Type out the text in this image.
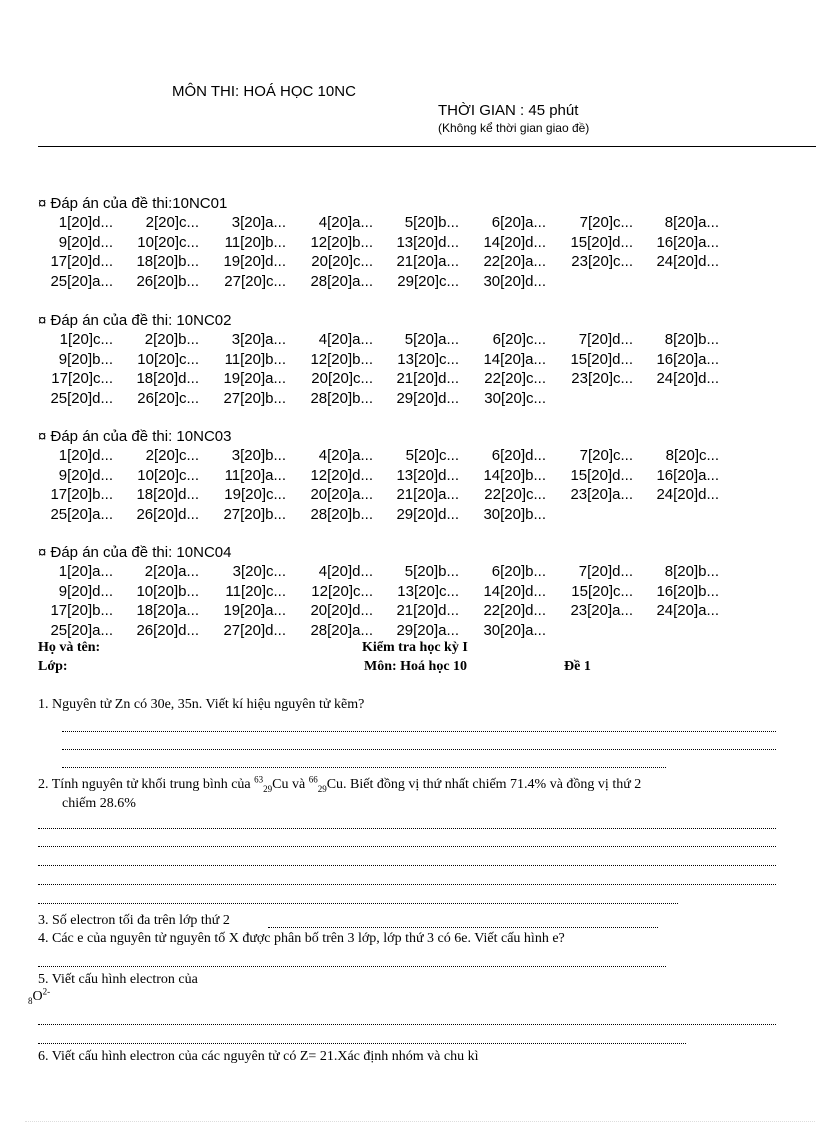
MÔN THI: HOÁ HỌC 10NC
THỜI GIAN : 45 phút
(Không kể thời gian giao đề)
¤ Đáp án của đề thi:10NC01
1[20]d...	2[20]c...	3[20]a...	4[20]a...	5[20]b...	6[20]a...	7[20]c...	8[20]a...
9[20]d...	10[20]c...	11[20]b...	12[20]b...	13[20]d...	14[20]d...	15[20]d...	16[20]a...
17[20]d...	18[20]b...	19[20]d...	20[20]c...	21[20]a...	22[20]a...	23[20]c...	24[20]d...
25[20]a...	26[20]b...	27[20]c...	28[20]a...	29[20]c...	30[20]d...
¤ Đáp án của đề thi: 10NC02
1[20]c...	2[20]b...	3[20]a...	4[20]a...	5[20]a...	6[20]c...	7[20]d...	8[20]b...
9[20]b...	10[20]c...	11[20]b...	12[20]b...	13[20]c...	14[20]a...	15[20]d...	16[20]a...
17[20]c...	18[20]d...	19[20]a...	20[20]c...	21[20]d...	22[20]c...	23[20]c...	24[20]d...
25[20]d...	26[20]c...	27[20]b...	28[20]b...	29[20]d...	30[20]c...
¤ Đáp án của đề thi: 10NC03
1[20]d...	2[20]c...	3[20]b...	4[20]a...	5[20]c...	6[20]d...	7[20]c...	8[20]c...
9[20]d...	10[20]c...	11[20]a...	12[20]d...	13[20]d...	14[20]b...	15[20]d...	16[20]a...
17[20]b...	18[20]d...	19[20]c...	20[20]a...	21[20]a...	22[20]c...	23[20]a...	24[20]d...
25[20]a...	26[20]d...	27[20]b...	28[20]b...	29[20]d...	30[20]b...
¤ Đáp án của đề thi: 10NC04
1[20]a...	2[20]a...	3[20]c...	4[20]d...	5[20]b...	6[20]b...	7[20]d...	8[20]b...
9[20]d...	10[20]b...	11[20]c...	12[20]c...	13[20]c...	14[20]d...	15[20]c...	16[20]b...
17[20]b...	18[20]a...	19[20]a...	20[20]d...	21[20]d...	22[20]d...	23[20]a...	24[20]a...
25[20]a...	26[20]d...	27[20]d...	28[20]a...	29[20]a...	30[20]a...
Họ và tên:
Lớp:
Kiểm tra học kỳ I
Môn: Hoá học 10	Đề 1
1. Nguyên tử Zn có 30e, 35n. Viết kí hiệu nguyên tử kẽm?
2. Tính nguyên tử khối trung bình của $^{63}_{29}$Cu và $^{66}_{29}$Cu. Biết đồng vị thứ nhất chiếm 71.4% và đồng vị thứ 2
chiếm 28.6%
3. Số electron tối đa trên lớp thứ 2
4. Các e của nguyên tử nguyên tố X được phân bố trên 3 lớp, lớp thứ 3 có 6e. Viết cấu hình e?
5. Viết cấu hình electron của
$_8O^{2-}$
6. Viết cấu hình electron của các nguyên tử có Z= 21.Xác định nhóm và chu kì
